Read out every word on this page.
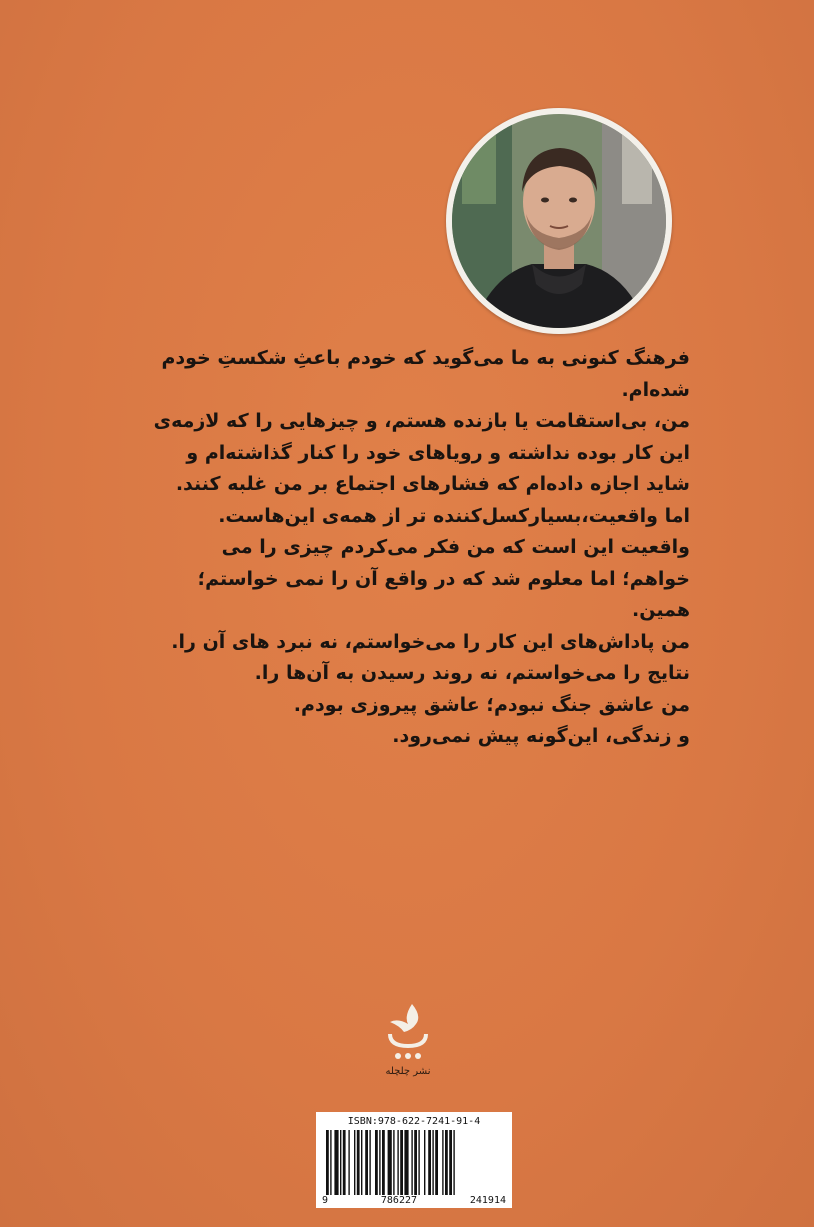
فرهنگ کنونی به ما می‌گوید که خودم باعثِ شکستِ خودم شده‌ام.

من، بی‌استقامت یا بازنده هستم، و چیزهایی را که لازمه‌ی این کار بوده نداشته و رویاهای خود را کنار گذاشته‌ام و شاید اجازه داده‌ام که فشارهای اجتماع بر من غلبه کنند.

اما واقعیت،بسیارکسل‌کننده تر از همه‌ی این‌هاست. واقعیت این است که من فکر می‌کردم چیزی را می خواهم؛ اما معلوم شد که در واقع آن را نمی خواستم؛ همین.

من پاداش‌های این کار را می‌خواستم، نه نبرد های آن را. نتایج را می‌خواستم، نه روند رسیدن به آن‌ها را.

من عاشق جنگ نبودم؛ عاشق پیروزی بودم.

و زندگی، این‌گونه پیش نمی‌رود.

نشر چلچله
ISBN:978-622-7241-91-4
9	786227	241914
